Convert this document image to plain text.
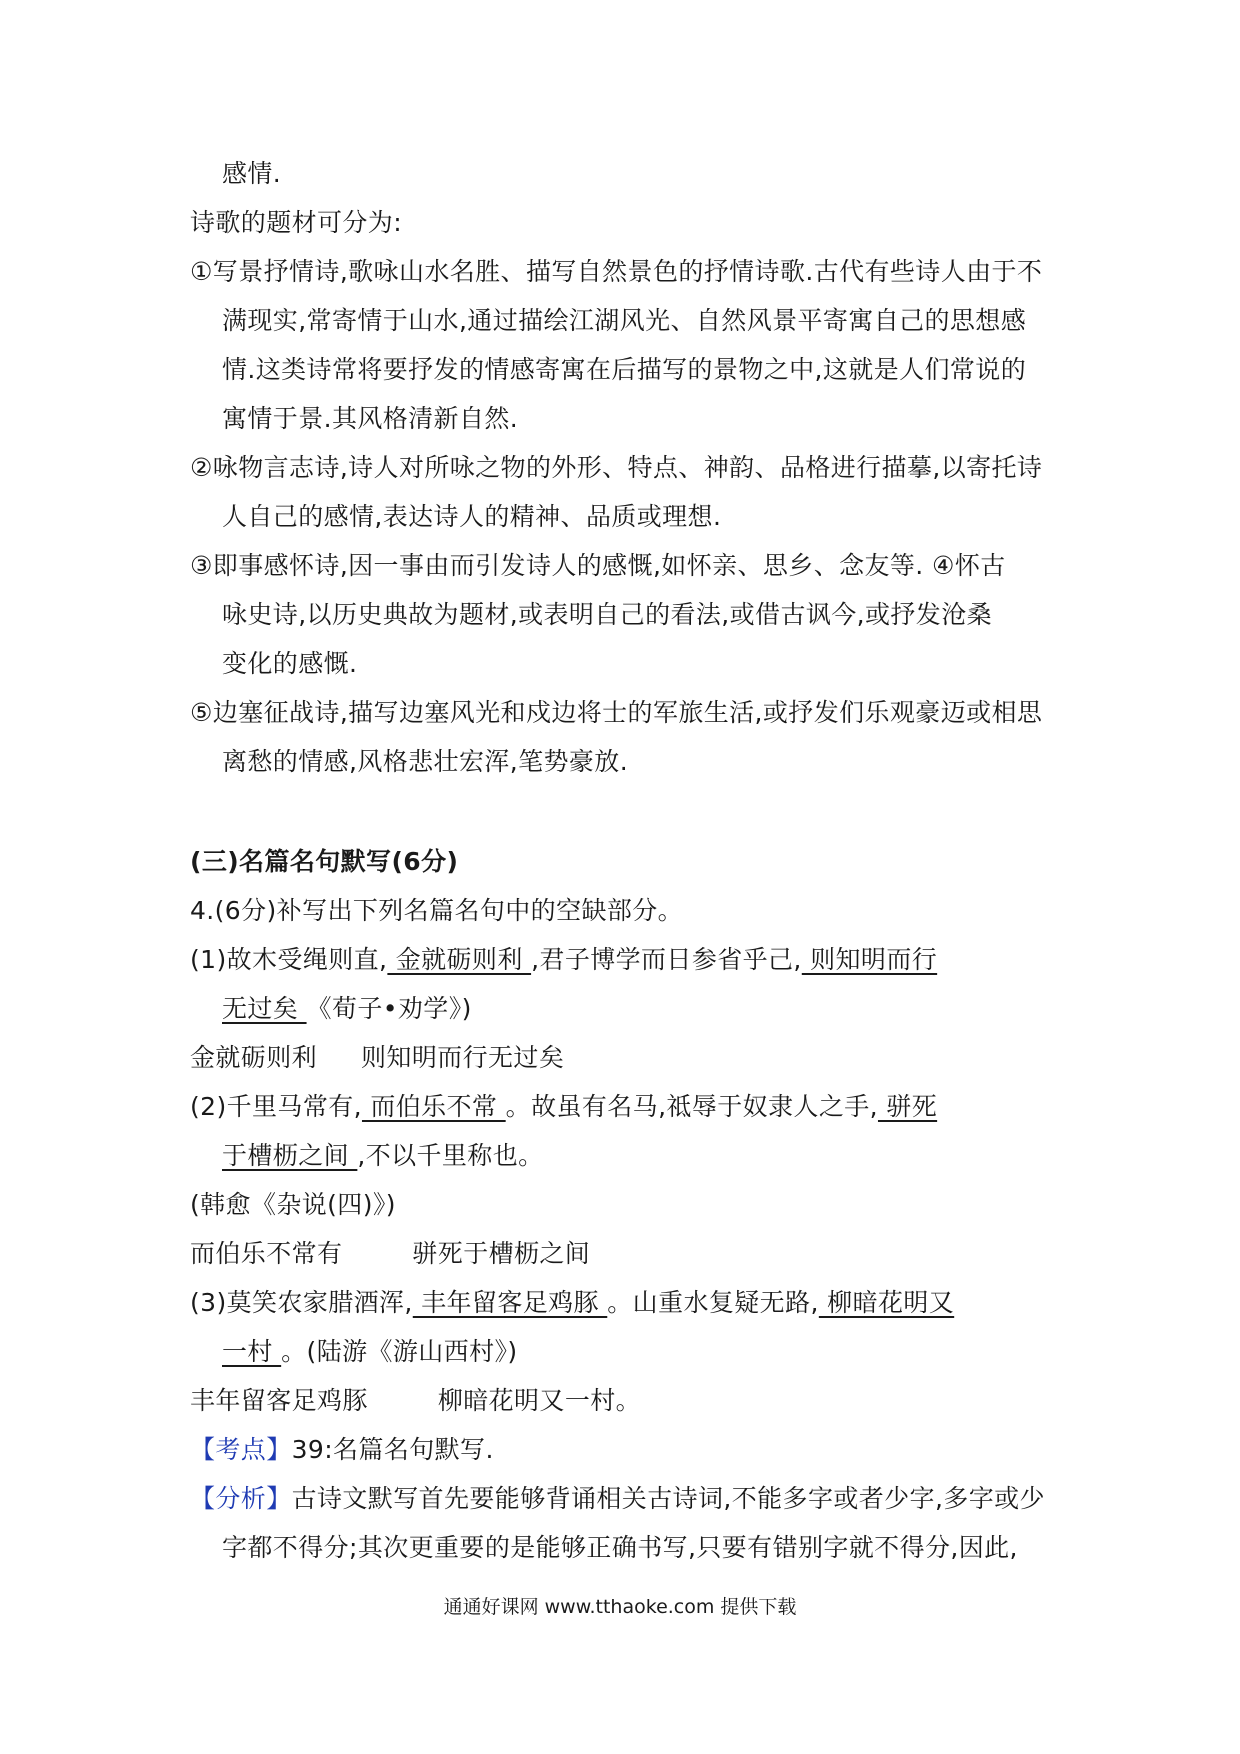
感情.
诗歌的题材可分为:
①写景抒情诗,歌咏山水名胜、描写自然景色的抒情诗歌.古代有些诗人由于不
满现实,常寄情于山水,通过描绘江湖风光、自然风景平寄寓自己的思想感
情.这类诗常将要抒发的情感寄寓在后描写的景物之中,这就是人们常说的
寓情于景.其风格清新自然.
②咏物言志诗,诗人对所咏之物的外形、特点、神韵、品格进行描摹,以寄托诗
人自己的感情,表达诗人的精神、品质或理想.
③即事感怀诗,因一事由而引发诗人的感慨,如怀亲、思乡、念友等. ④怀古
咏史诗,以历史典故为题材,或表明自己的看法,或借古讽今,或抒发沧桑
变化的感慨.
⑤边塞征战诗,描写边塞风光和戍边将士的军旅生活,或抒发们乐观豪迈或相思
离愁的情感,风格悲壮宏浑,笔势豪放.
(三)名篇名句默写(6分)
4.(6分)补写出下列名篇名句中的空缺部分。
(1)故木受绳则直, 金就砺则利 ,君子博学而日参省乎己, 则知明而行
无过矣 《荀子•劝学》)
金就砺则利 则知明而行无过矣
(2)千里马常有, 而伯乐不常 。故虽有名马,祗辱于奴隶人之手, 骈死
于槽枥之间 ,不以千里称也。
(韩愈《杂说(四)》)
而伯乐不常有	骈死于槽枥之间
(3)莫笑农家腊酒浑, 丰年留客足鸡豚 。山重水复疑无路, 柳暗花明又
一村 。(陆游《游山西村》)
丰年留客足鸡豚	柳暗花明又一村。
【考点】39:名篇名句默写.
【分析】古诗文默写首先要能够背诵相关古诗词,不能多字或者少字,多字或少
字都不得分;其次更重要的是能够正确书写,只要有错别字就不得分,因此,
通通好课网 www.tthaoke.com 提供下载
